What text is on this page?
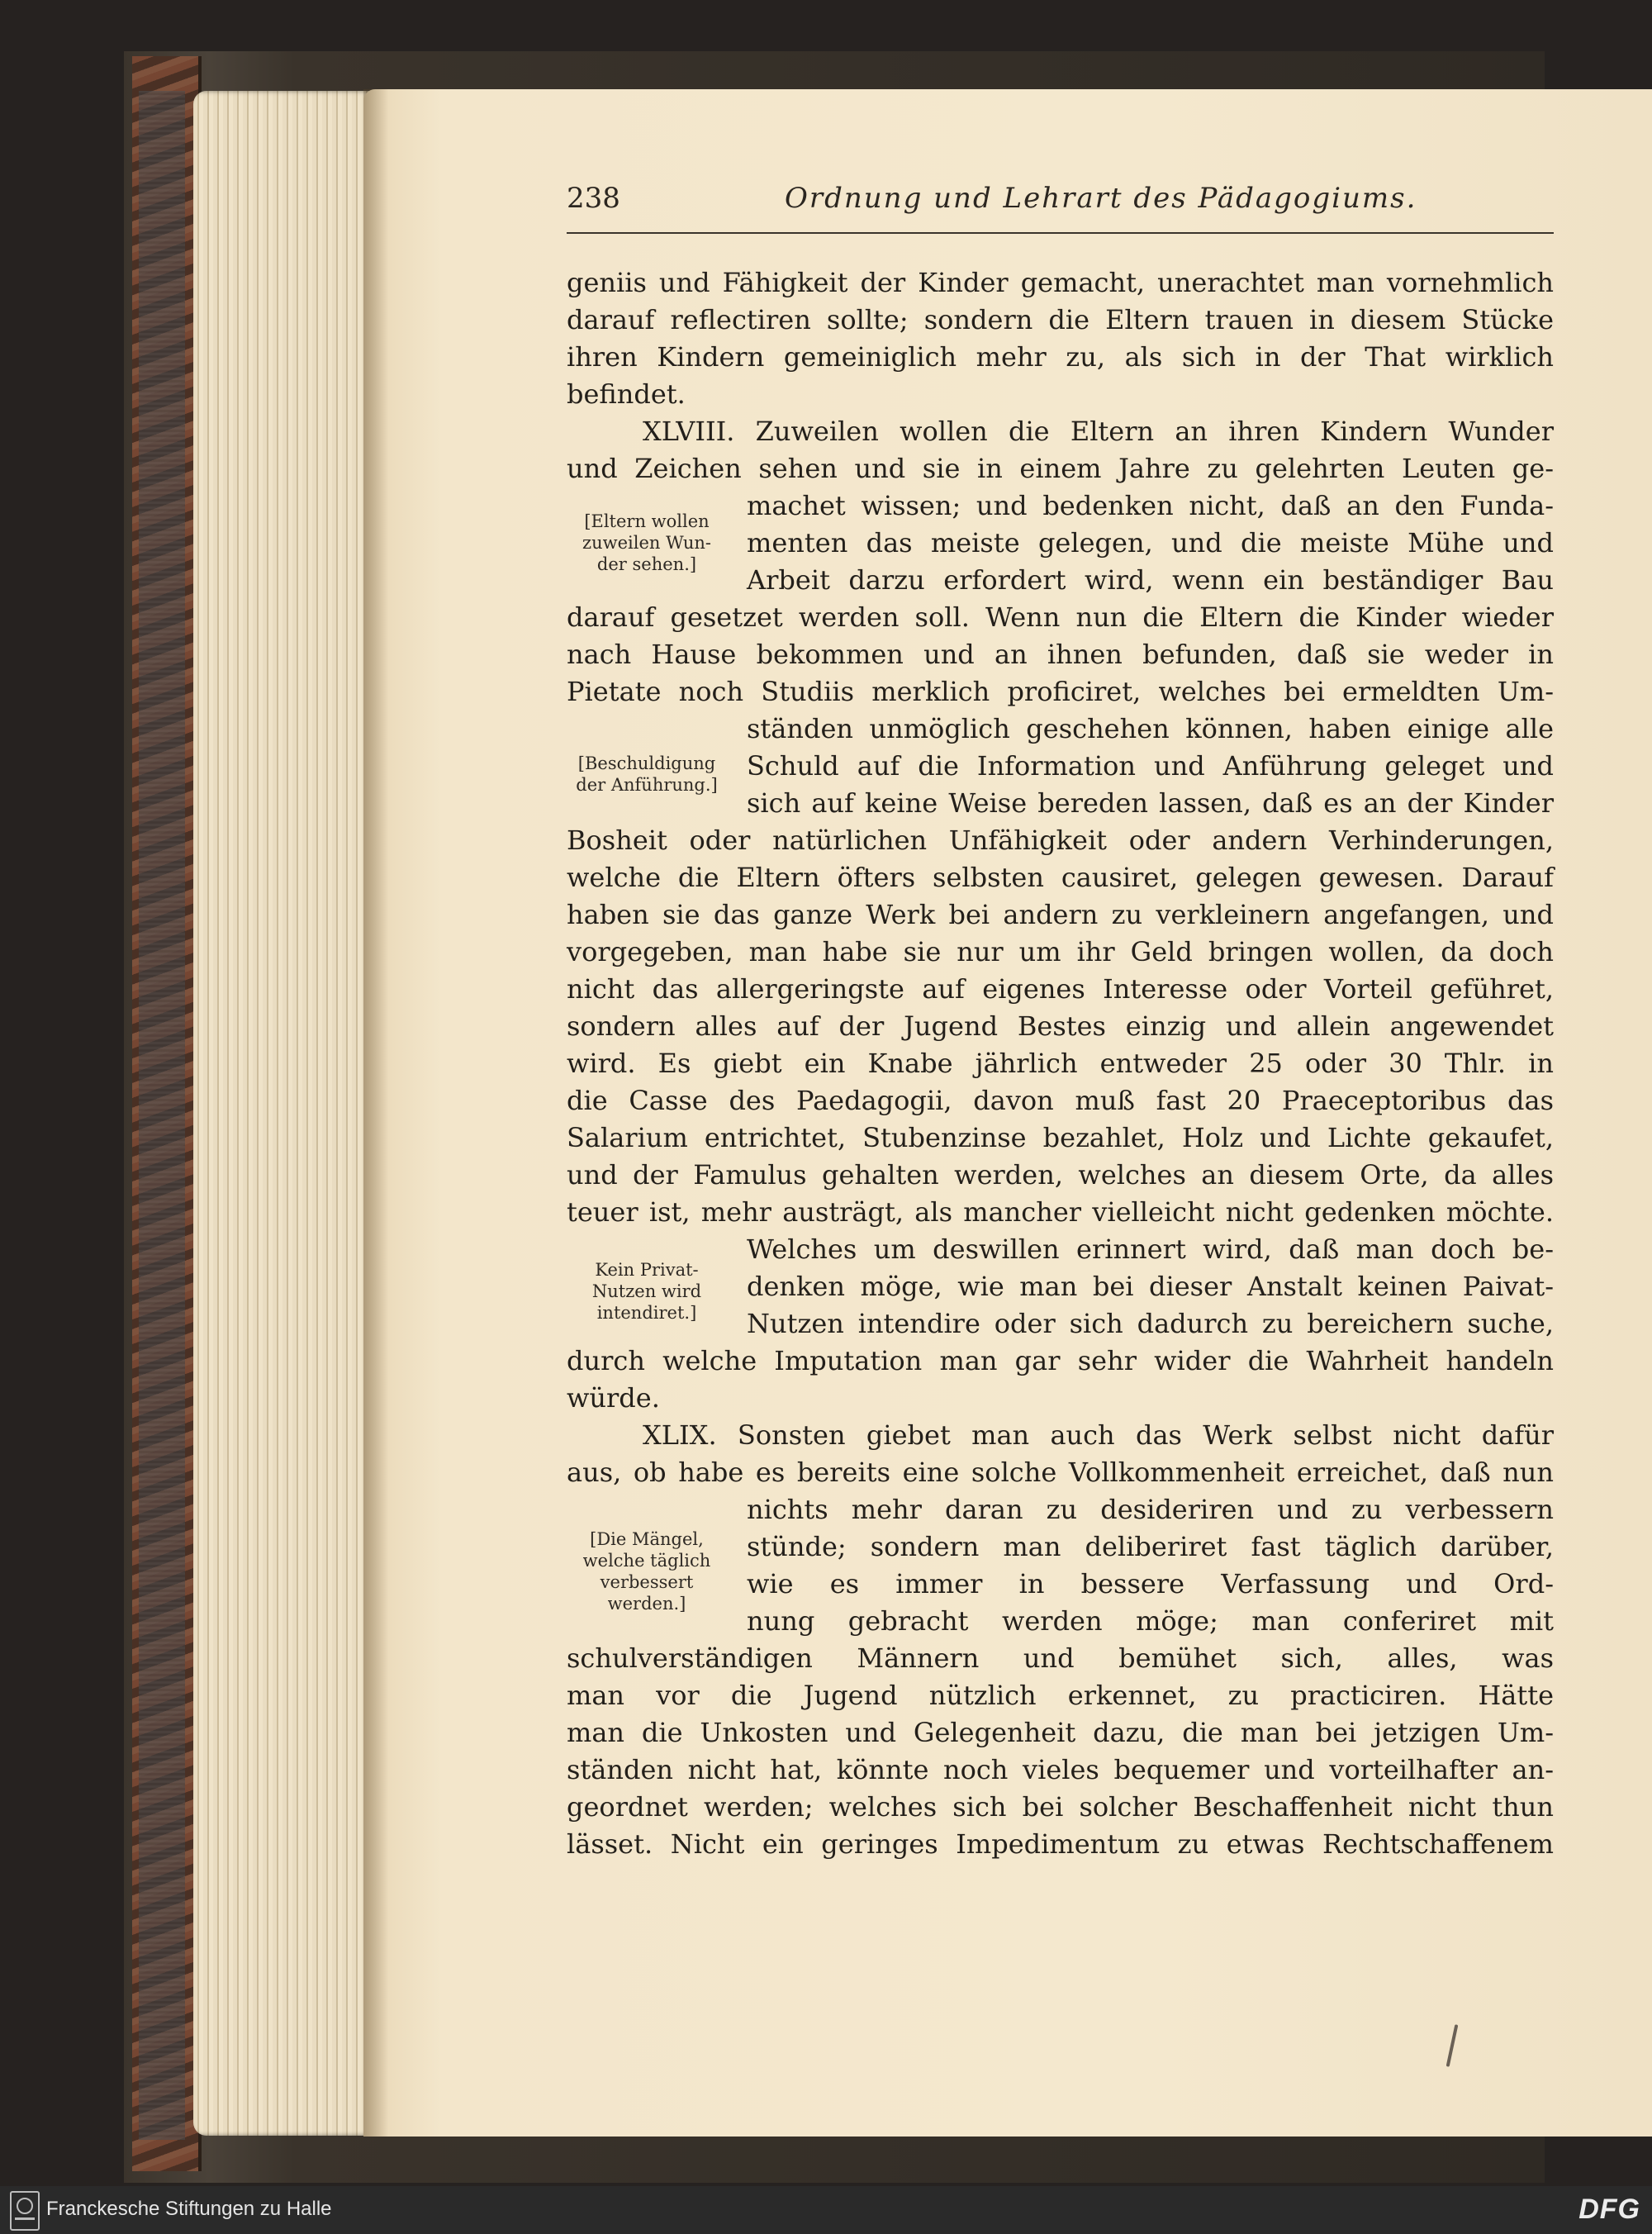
238	Ordnung und Lehrart des Pädagogiums.
geniis und Fähigkeit der Kinder gemacht, unerachtet man vornehmlich
darauf reflectiren sollte; sondern die Eltern trauen in diesem Stücke
ihren Kindern gemeiniglich mehr zu, als sich in der That wirklich
befindet.
XLVIII. Zuweilen wollen die Eltern an ihren Kindern Wunder
und Zeichen sehen und sie in einem Jahre zu gelehrten Leuten ge-
machet wissen; und bedenken nicht, daß an den Funda-
menten das meiste gelegen, und die meiste Mühe und
Arbeit darzu erfordert wird, wenn ein beständiger Bau
darauf gesetzet werden soll. Wenn nun die Eltern die Kinder wieder
nach Hause bekommen und an ihnen befunden, daß sie weder in
Pietate noch Studiis merklich proficiret, welches bei ermeldten Um-
ständen unmöglich geschehen können, haben einige alle
Schuld auf die Information und Anführung geleget und
sich auf keine Weise bereden lassen, daß es an der Kinder
Bosheit oder natürlichen Unfähigkeit oder andern Verhinderungen,
welche die Eltern öfters selbsten causiret, gelegen gewesen. Darauf
haben sie das ganze Werk bei andern zu verkleinern angefangen, und
vorgegeben, man habe sie nur um ihr Geld bringen wollen, da doch
nicht das allergeringste auf eigenes Interesse oder Vorteil geführet,
sondern alles auf der Jugend Bestes einzig und allein angewendet
wird. Es giebt ein Knabe jährlich entweder 25 oder 30 Thlr. in
die Casse des Paedagogii, davon muß fast 20 Praeceptoribus das
Salarium entrichtet, Stubenzinse bezahlet, Holz und Lichte gekaufet,
und der Famulus gehalten werden, welches an diesem Orte, da alles
teuer ist, mehr austrägt, als mancher vielleicht nicht gedenken möchte.
Welches um deswillen erinnert wird, daß man doch be-
denken möge, wie man bei dieser Anstalt keinen Paivat-
Nutzen intendire oder sich dadurch zu bereichern suche,
durch welche Imputation man gar sehr wider die Wahrheit handeln
würde.
XLIX. Sonsten giebet man auch das Werk selbst nicht dafür
aus, ob habe es bereits eine solche Vollkommenheit erreichet, daß nun
nichts mehr daran zu desideriren und zu verbessern
stünde; sondern man deliberiret fast täglich darüber,
wie es immer in bessere Verfassung und Ord-
nung gebracht werden möge; man conferiret mit
schulverständigen Männern und bemühet sich, alles, was
man vor die Jugend nützlich erkennet, zu practiciren. Hätte
man die Unkosten und Gelegenheit dazu, die man bei jetzigen Um-
ständen nicht hat, könnte noch vieles bequemer und vorteilhafter an-
geordnet werden; welches sich bei solcher Beschaffenheit nicht thun
lässet. Nicht ein geringes Impedimentum zu etwas Rechtschaffenem
[Eltern wollen
zuweilen Wun-
der sehen.]
[Beschuldigung
der Anführung.]
Kein Privat-
Nutzen wird
intendiret.]
[Die Mängel,
welche täglich
verbessert
werden.]
Franckesche Stiftungen zu Halle	DFG
